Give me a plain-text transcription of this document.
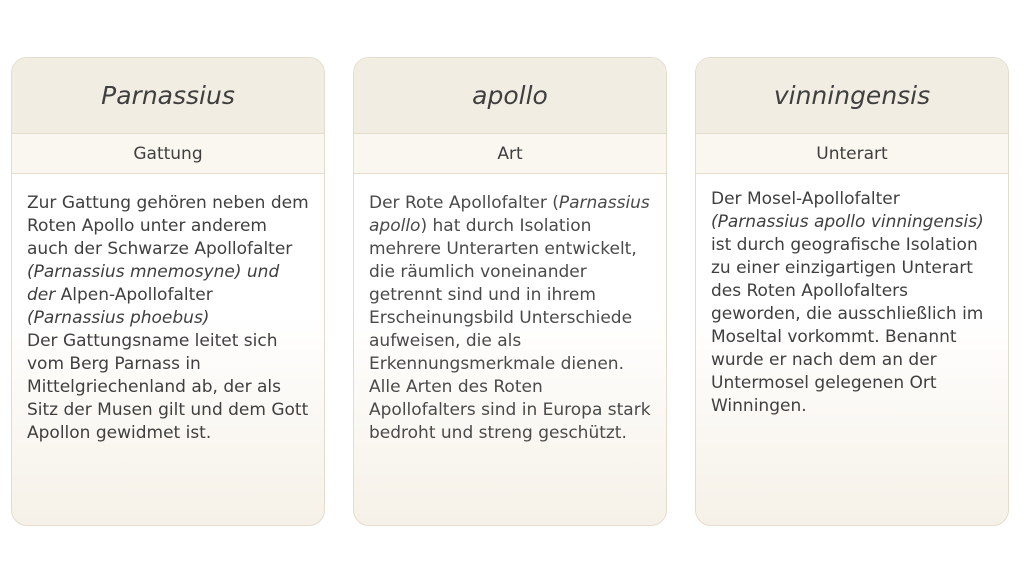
Parnassius
Gattung
Zur Gattung gehören neben dem Roten Apollo unter anderem auch der Schwarze Apollofalter (Parnassius mnemosyne) und der Alpen-Apollofalter (Parnassius phoebus)
Der Gattungsname leitet sich vom Berg Parnass in Mittelgriechenland ab, der als Sitz der Musen gilt und dem Gott Apollon gewidmet ist.
apollo
Art
Der Rote Apollofalter (Parnassius apollo) hat durch Isolation mehrere Unterarten entwickelt, die räumlich voneinander getrennt sind und in ihrem Erscheinungsbild Unterschiede aufweisen, die als Erkennungsmerkmale dienen. Alle Arten des Roten Apollofalters sind in Europa stark bedroht und streng geschützt.
vinningensis
Unterart
Der Mosel-Apollofalter
(Parnassius apollo vinningensis)
ist durch geografische Isolation zu einer einzigartigen Unterart des Roten Apollofalters geworden, die ausschließlich im Moseltal vorkommt. Benannt wurde er nach dem an der Untermosel gelegenen Ort Winningen.
